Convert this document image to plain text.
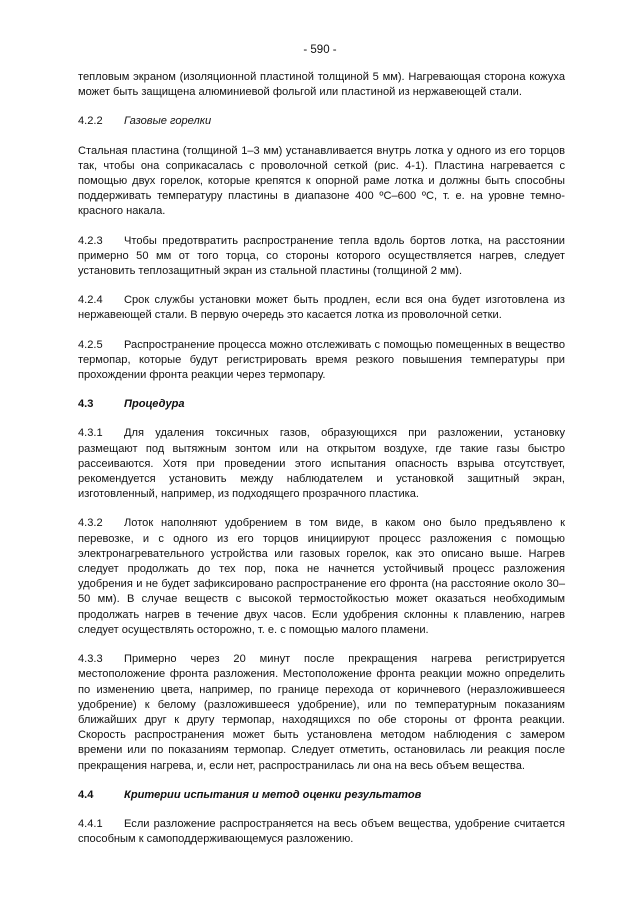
- 590 -

тепловым экраном (изоляционной пластиной толщиной 5 мм). Нагревающая сторона кожуха может быть защищена алюминиевой фольгой или пластиной из нержавеющей стали.

4.2.2	Газовые горелки

Стальная пластина (толщиной 1–3 мм) устанавливается внутрь лотка у одного из его торцов так, чтобы она соприкасалась с проволочной сеткой (рис. 4-1). Пластина нагревается с помощью двух горелок, которые крепятся к опорной раме лотка и должны быть способны поддерживать температуру пластины в диапазоне 400 ºС–600 ºС, т. е. на уровне темно-красного накала.

4.2.3 Чтобы предотвратить распространение тепла вдоль бортов лотка, на расстоянии примерно 50 мм от того торца, со стороны которого осуществляется нагрев, следует установить теплозащитный экран из стальной пластины (толщиной 2 мм).

4.2.4 Срок службы установки может быть продлен, если вся она будет изготовлена из нержавеющей стали. В первую очередь это касается лотка из проволочной сетки.

4.2.5 Распространение процесса можно отслеживать с помощью помещенных в вещество термопар, которые будут регистрировать время резкого повышения температуры при прохождении фронта реакции через термопару.

4.3	Процедура

4.3.1 Для удаления токсичных газов, образующихся при разложении, установку размещают под вытяжным зонтом или на открытом воздухе, где такие газы быстро рассеиваются. Хотя при проведении этого испытания опасность взрыва отсутствует, рекомендуется установить между наблюдателем и установкой защитный экран, изготовленный, например, из подходящего прозрачного пластика.

4.3.2 Лоток наполняют удобрением в том виде, в каком оно было предъявлено к перевозке, и с одного из его торцов инициируют процесс разложения с помощью электронагревательного устройства или газовых горелок, как это описано выше. Нагрев следует продолжать до тех пор, пока не начнется устойчивый процесс разложения удобрения и не будет зафиксировано распространение его фронта (на расстояние около 30–50 мм). В случае веществ с высокой термостойкостью может оказаться необходимым продолжать нагрев в течение двух часов. Если удобрения склонны к плавлению, нагрев следует осуществлять осторожно, т. е. с помощью малого пламени.

4.3.3 Примерно через 20 минут после прекращения нагрева регистрируется местоположение фронта разложения. Местоположение фронта реакции можно определить по изменению цвета, например, по границе перехода от коричневого (неразложившееся удобрение) к белому (разложившееся удобрение), или по температурным показаниям ближайших друг к другу термопар, находящихся по обе стороны от фронта реакции. Скорость распространения может быть установлена методом наблюдения с замером времени или по показаниям термопар. Следует отметить, остановилась ли реакция после прекращения нагрева, и, если нет, распространилась ли она на весь объем вещества.

4.4	Критерии испытания и метод оценки результатов

4.4.1 Если разложение распространяется на весь объем вещества, удобрение считается способным к самоподдерживающемуся разложению.
